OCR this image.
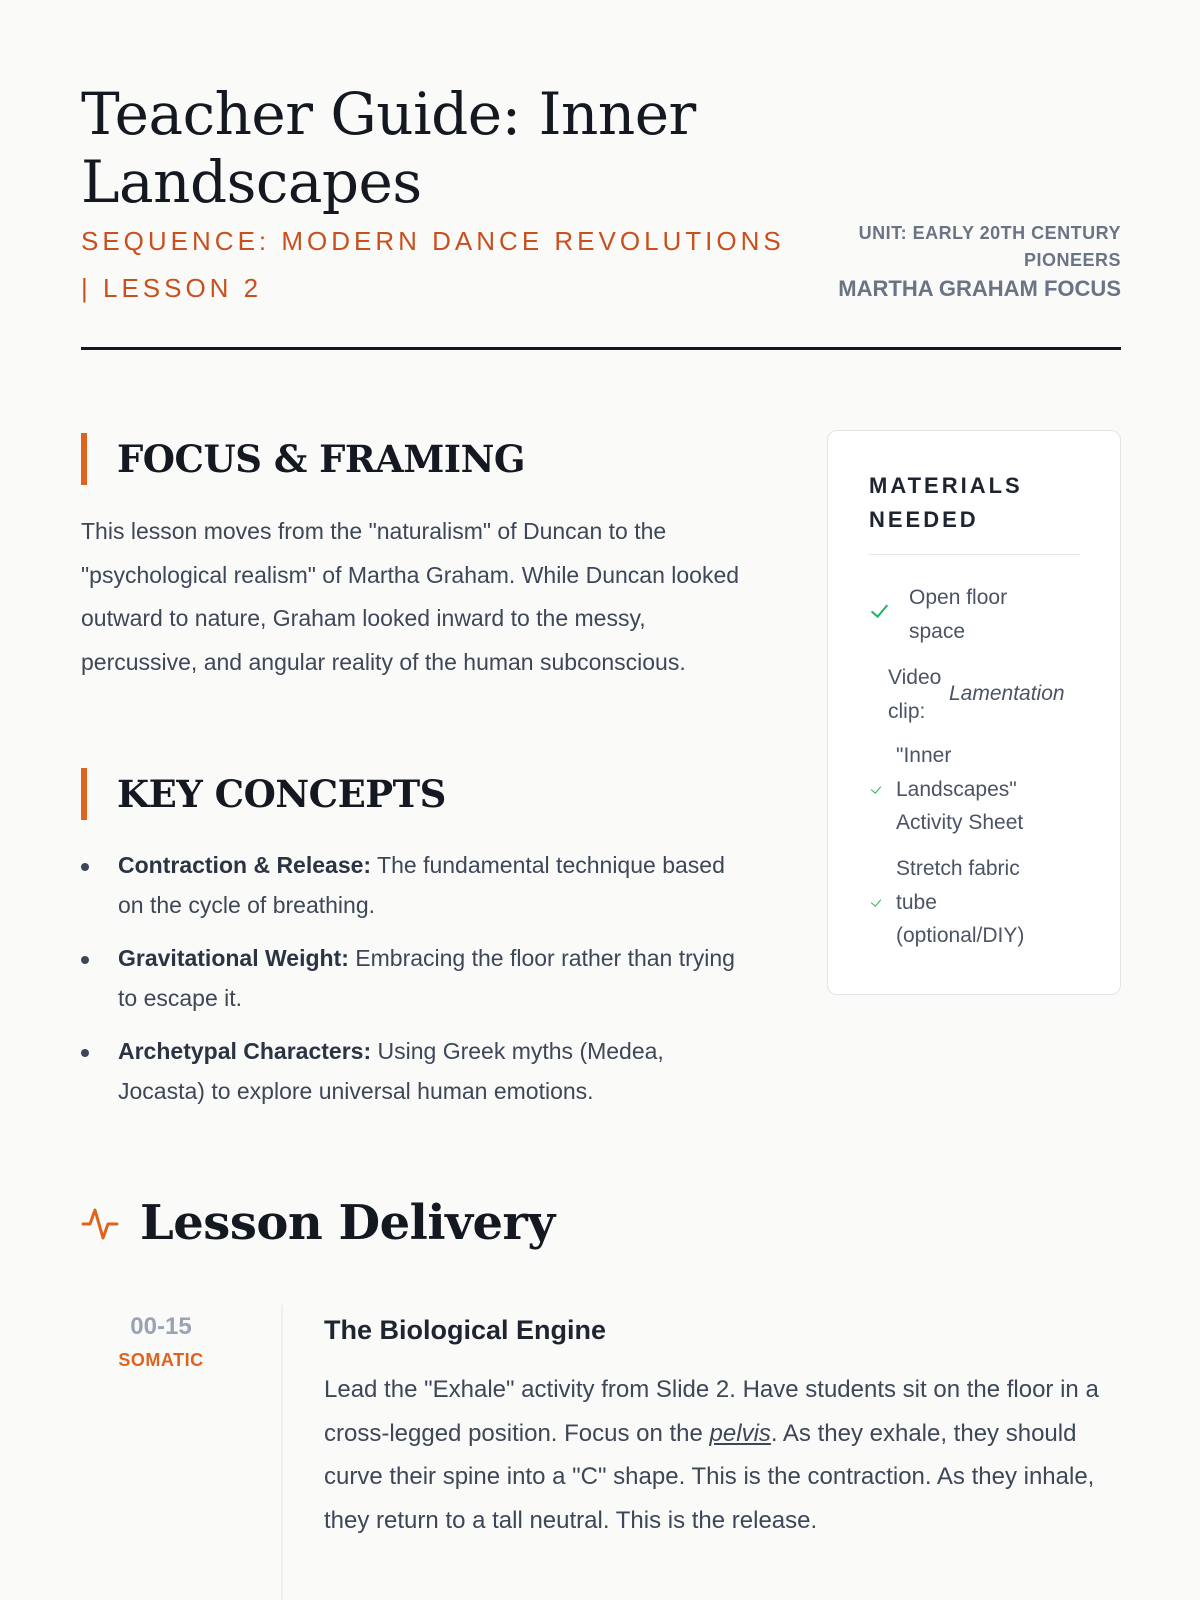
Teacher Guide: Inner Landscapes
SEQUENCE: MODERN DANCE REVOLUTIONS | LESSON 2
UNIT: EARLY 20TH CENTURY PIONEERS
MARTHA GRAHAM FOCUS
FOCUS & FRAMING

This lesson moves from the "naturalism" of Duncan to the "psychological realism" of Martha Graham. While Duncan looked outward to nature, Graham looked inward to the messy, percussive, and angular reality of the human subconscious.

KEY CONCEPTS
Contraction & Release: The fundamental technique based on the cycle of breathing.
Gravitational Weight: Embracing the floor rather than trying to escape it.
Archetypal Characters: Using Greek myths (Medea, Jocasta) to explore universal human emotions.
MATERIALS NEEDED
Open floor space
Video clip:
Lamentation
"Inner Landscapes" Activity Sheet
Stretch fabric tube (optional/DIY)
Lesson Delivery
00-15
SOMATIC
The Biological Engine

Lead the "Exhale" activity from Slide 2. Have students sit on the floor in a cross-legged position. Focus on the pelvis. As they exhale, they should curve their spine into a "C" shape. This is the contraction. As they inhale, they return to a tall neutral. This is the release.
